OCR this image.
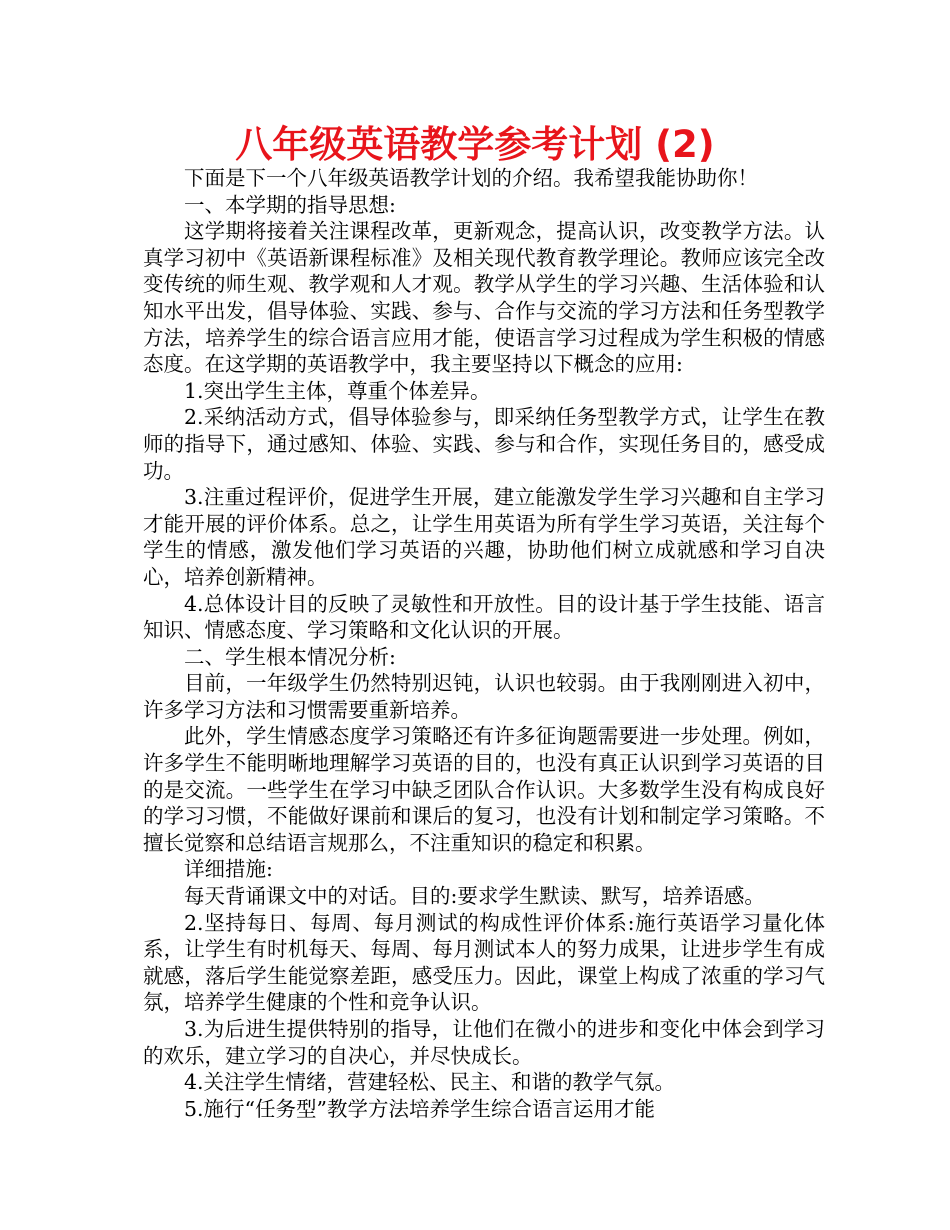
八年级英语教学参考计划 (2)

下面是下一个八年级英语教学计划的介绍。我希望我能协助你！

一、本学期的指导思想:

这学期将接着关注课程改革，更新观念，提高认识，改变教学方法。认真学习初中《英语新课程标准》及相关现代教育教学理论。教师应该完全改变传统的师生观、教学观和人才观。教学从学生的学习兴趣、生活体验和认知水平出发，倡导体验、实践、参与、合作与交流的学习方法和任务型教学方法，培养学生的综合语言应用才能，使语言学习过程成为学生积极的情感态度。在这学期的英语教学中，我主要坚持以下概念的应用:

1.突出学生主体，尊重个体差异。

2.采纳活动方式，倡导体验参与，即采纳任务型教学方式，让学生在教师的指导下，通过感知、体验、实践、参与和合作，实现任务目的，感受成功。

3.注重过程评价，促进学生开展，建立能激发学生学习兴趣和自主学习才能开展的评价体系。总之，让学生用英语为所有学生学习英语，关注每个学生的情感，激发他们学习英语的兴趣，协助他们树立成就感和学习自决心，培养创新精神。

4.总体设计目的反映了灵敏性和开放性。目的设计基于学生技能、语言知识、情感态度、学习策略和文化认识的开展。

二、学生根本情况分析:

目前，一年级学生仍然特别迟钝，认识也较弱。由于我刚刚进入初中，许多学习方法和习惯需要重新培养。

此外，学生情感态度学习策略还有许多征询题需要进一步处理。例如，许多学生不能明晰地理解学习英语的目的，也没有真正认识到学习英语的目的是交流。一些学生在学习中缺乏团队合作认识。大多数学生没有构成良好的学习习惯，不能做好课前和课后的复习，也没有计划和制定学习策略。不擅长觉察和总结语言规那么，不注重知识的稳定和积累。

详细措施:

每天背诵课文中的对话。目的:要求学生默读、默写，培养语感。

2.坚持每日、每周、每月测试的构成性评价体系:施行英语学习量化体系，让学生有时机每天、每周、每月测试本人的努力成果，让进步学生有成就感，落后学生能觉察差距，感受压力。因此，课堂上构成了浓重的学习气氛，培养学生健康的个性和竞争认识。

3.为后进生提供特别的指导，让他们在微小的进步和变化中体会到学习的欢乐，建立学习的自决心，并尽快成长。

4.关注学生情绪，营建轻松、民主、和谐的教学气氛。

5.施行“任务型”教学方法培养学生综合语言运用才能
